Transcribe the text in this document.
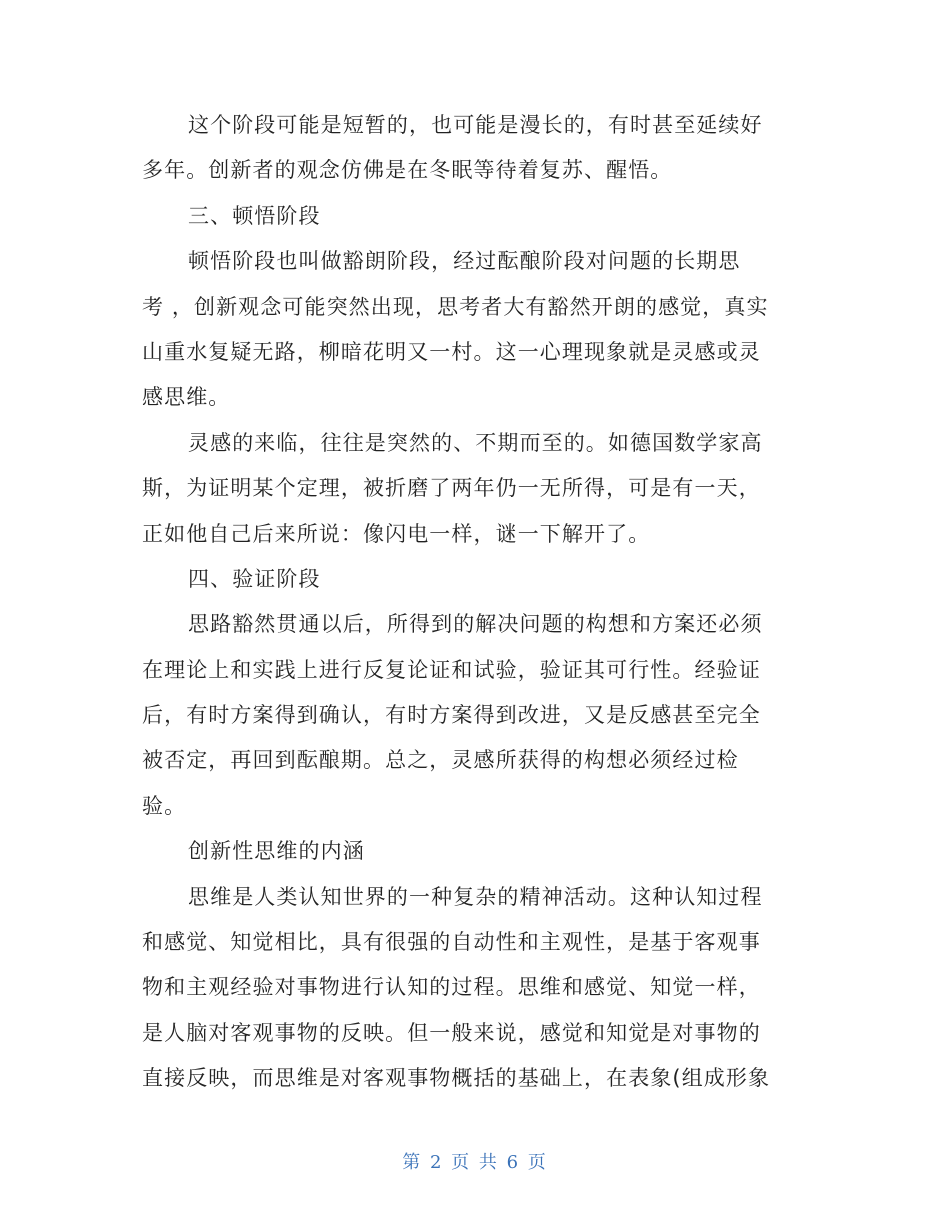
这个阶段可能是短暂的，也可能是漫长的，有时甚至延续好
多年。创新者的观念仿佛是在冬眠等待着复苏、醒悟。
三、顿悟阶段
顿悟阶段也叫做豁朗阶段，经过酝酿阶段对问题的长期思
考 ，创新观念可能突然出现，思考者大有豁然开朗的感觉，真实
山重水复疑无路，柳暗花明又一村。这一心理现象就是灵感或灵
感思维。
灵感的来临，往往是突然的、不期而至的。如德国数学家高
斯，为证明某个定理，被折磨了两年仍一无所得，可是有一天，
正如他自己后来所说：像闪电一样，谜一下解开了。
四、验证阶段
思路豁然贯通以后，所得到的解决问题的构想和方案还必须
在理论上和实践上进行反复论证和试验，验证其可行性。经验证
后，有时方案得到确认，有时方案得到改进，又是反感甚至完全
被否定，再回到酝酿期。总之，灵感所获得的构想必须经过检
验。
创新性思维的内涵
思维是人类认知世界的一种复杂的精神活动。这种认知过程
和感觉、知觉相比，具有很强的自动性和主观性，是基于客观事
物和主观经验对事物进行认知的过程。思维和感觉、知觉一样，
是人脑对客观事物的反映。但一般来说，感觉和知觉是对事物的
直接反映，而思维是对客观事物概括的基础上，在表象(组成形象
第 2 页 共 6 页
